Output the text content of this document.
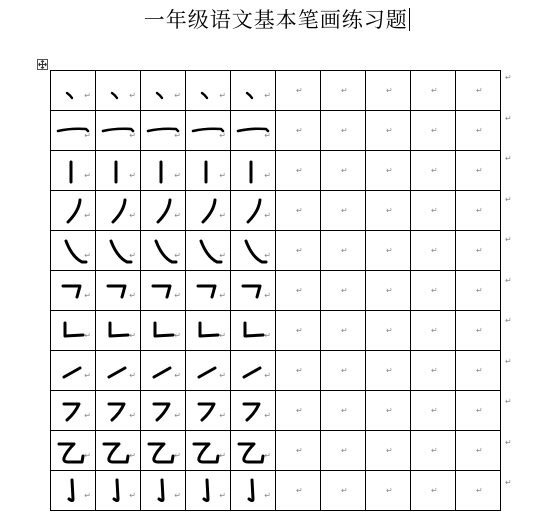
一年级语文基本笔画练习题
↵	↵	↵	↵	↵	↵	↵	↵	↵	↵

↵	↵	↵	↵	↵	↵	↵	↵	↵	↵

↵	↵	↵	↵	↵	↵	↵	↵	↵	↵

↵	↵	↵	↵	↵	↵	↵	↵	↵	↵

↵	↵	↵	↵	↵	↵	↵	↵	↵	↵

↵	↵	↵	↵	↵	↵	↵	↵	↵	↵

↵	↵	↵	↵	↵	↵	↵	↵	↵	↵

↵	↵	↵	↵	↵	↵	↵	↵	↵	↵

↵	↵	↵	↵	↵	↵	↵	↵	↵	↵

↵	↵	↵	↵	↵	↵	↵	↵	↵	↵

↵	↵	↵	↵	↵	↵	↵	↵	↵	↵
↵
↵
↵
↵
↵
↵
↵
↵
↵
↵
↵
